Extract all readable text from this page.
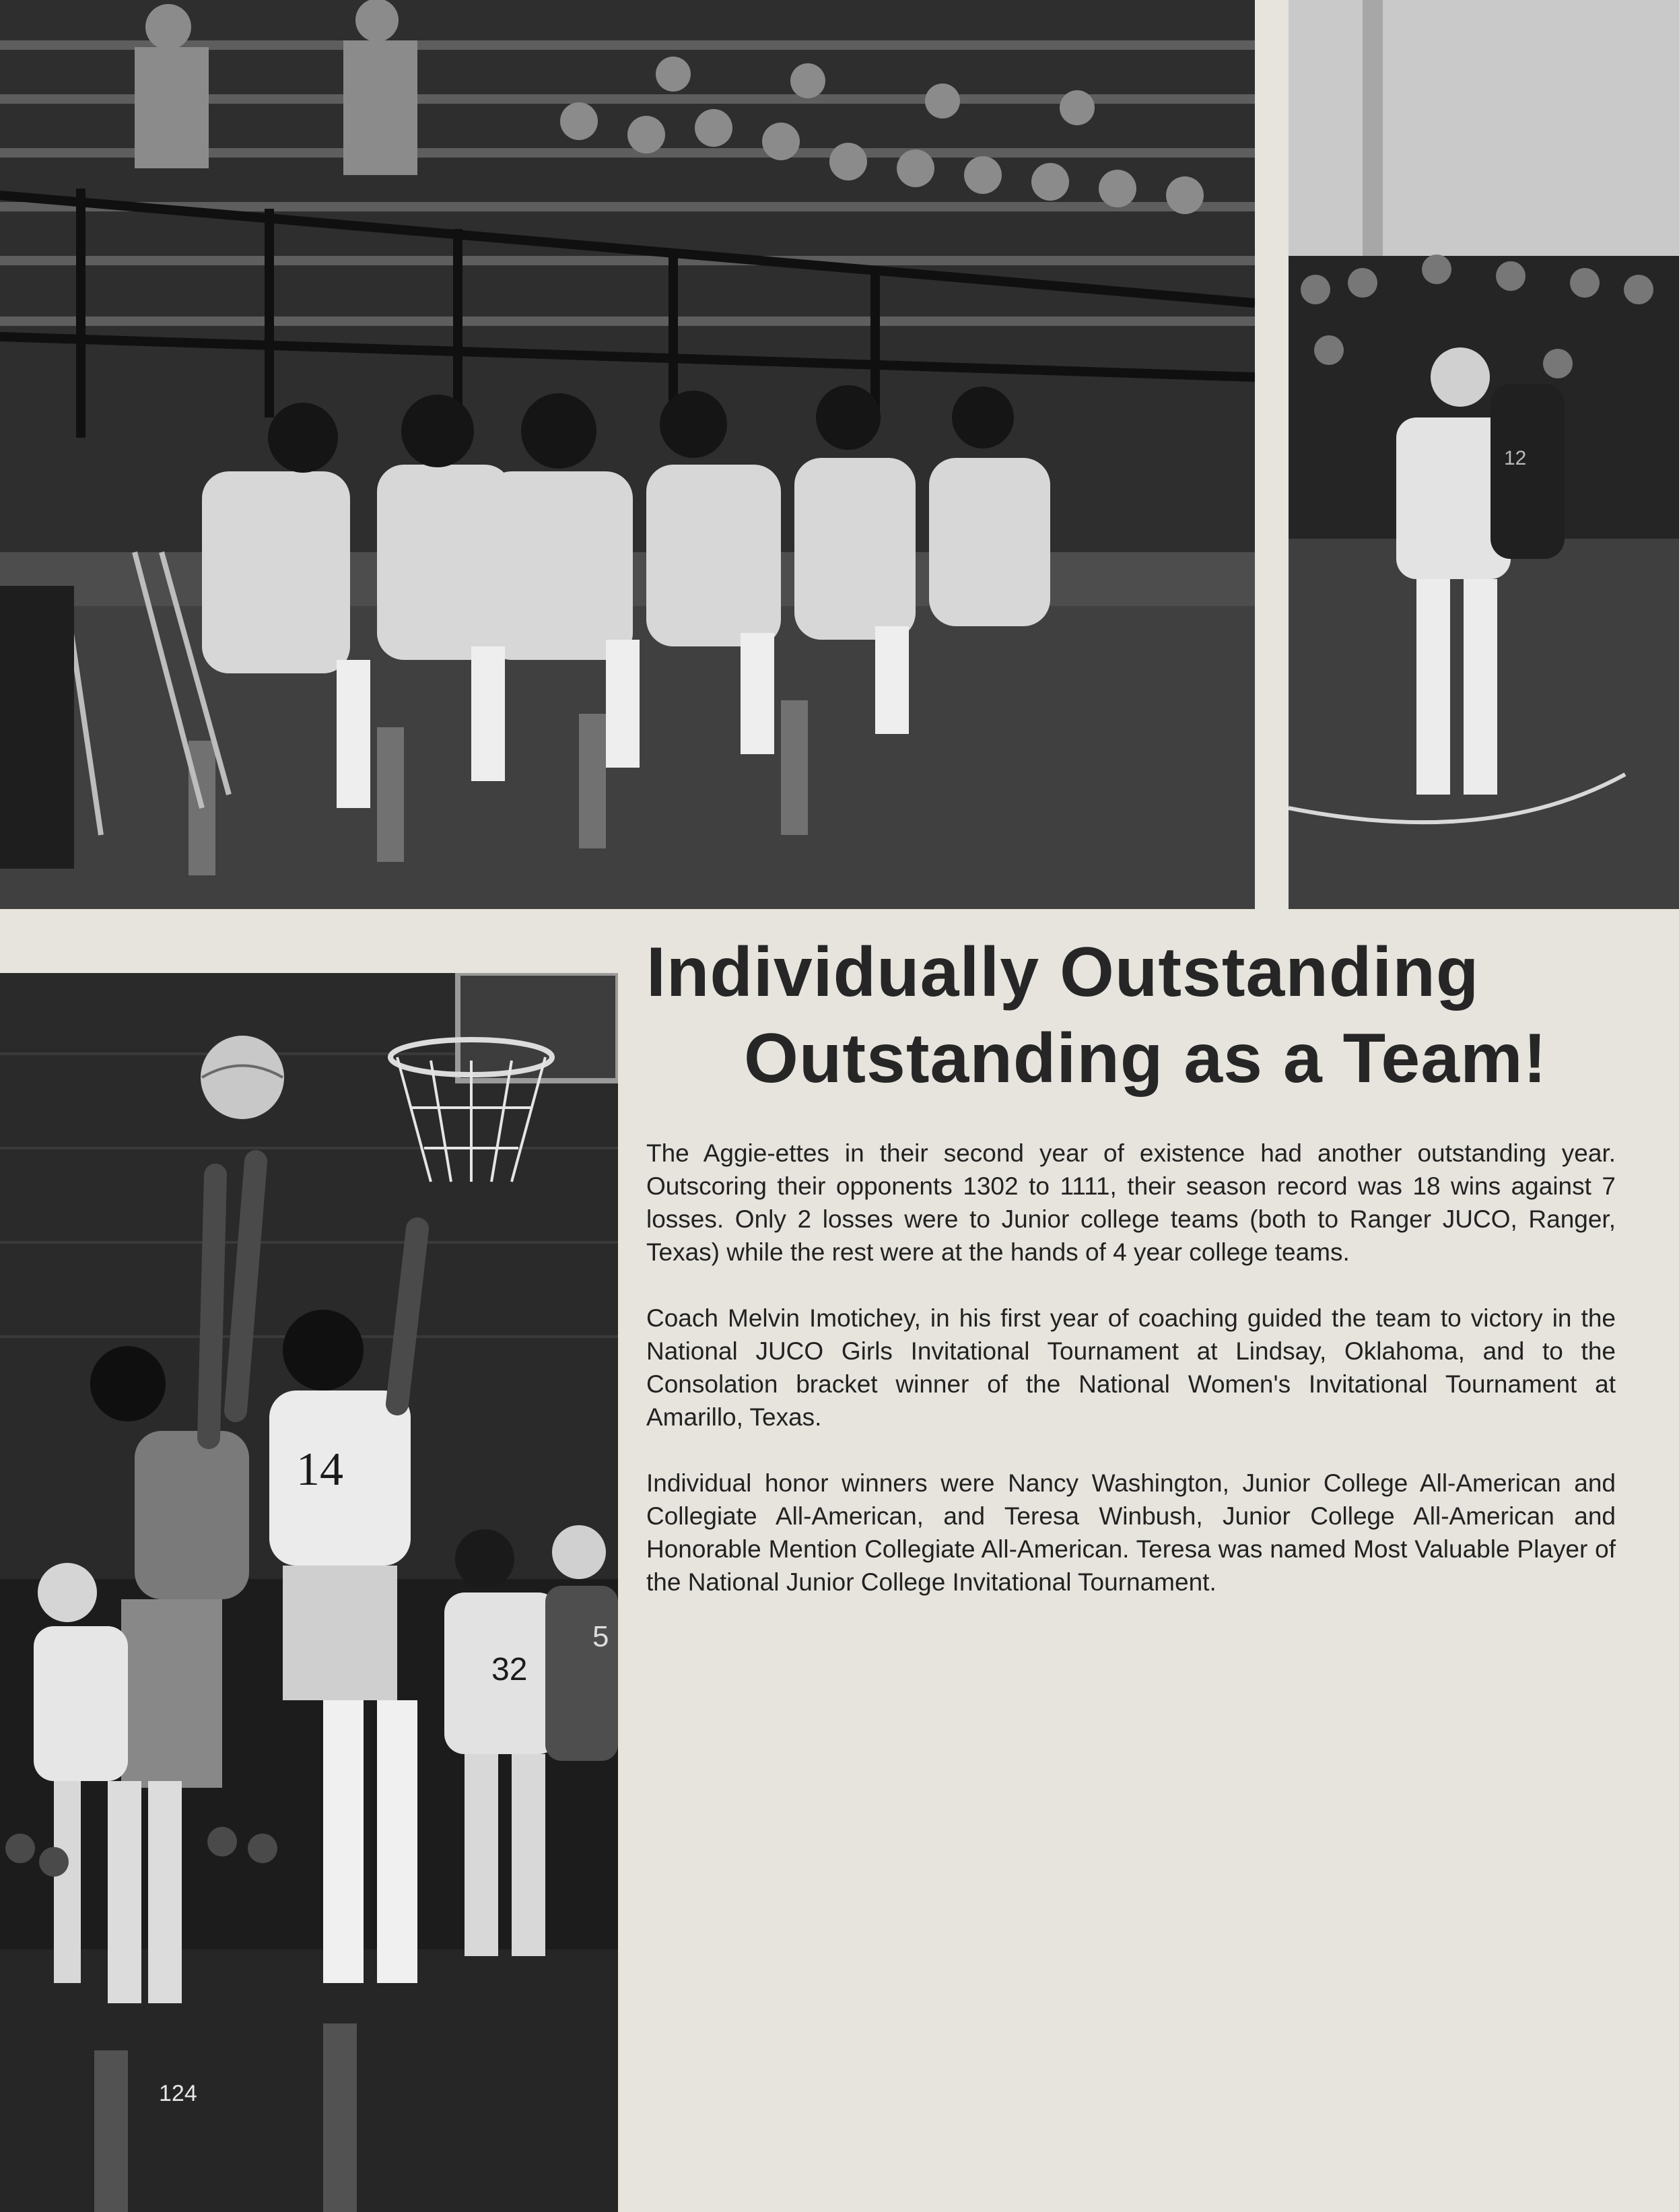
12
14
32
5
Individually Outstanding
Outstanding as a Team!

The Aggie-ettes in their second year of existence had another outstanding year. Outscoring their opponents 1302 to 1111, their season record was 18 wins against 7 losses. Only 2 losses were to Junior college teams (both to Ranger JUCO, Ranger, Texas) while the rest were at the hands of 4 year college teams.

Coach Melvin Imotichey, in his first year of coaching guided the team to victory in the National JUCO Girls Invitational Tournament at Lindsay, Oklahoma, and to the Consolation bracket winner of the National Women's Invitational Tournament at Amarillo, Texas.

Individual honor winners were Nancy Washington, Junior College All-American and Collegiate All-American, and Teresa Winbush, Junior College All-American and Honorable Mention Collegiate All-American. Teresa was named Most Valuable Player of the National Junior College Invitational Tournament.

124
